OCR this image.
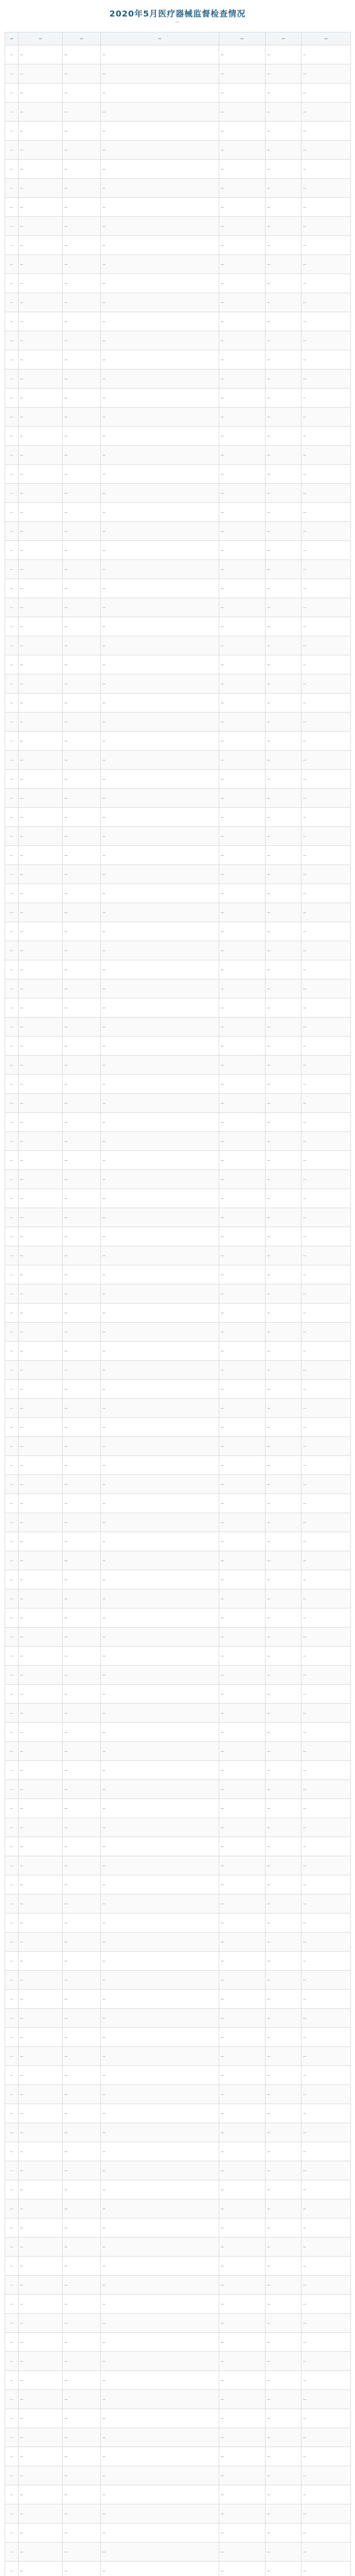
2020年5月医疗器械监督检查情况
—
—	—	—	—	—	—	—
—	—	—	—	—	—	—
—	—	—	—	—	—	—
—	—	—	—	—	—	—
—	—	—	—	—	—	—
—	—	—	—	—	—	—
—	—	—	—	—	—	—
—	—	—	—	—	—	—
—	—	—	—	—	—	—
—	—	—	—	—	—	—
—	—	—	—	—	—	—
—	—	—	—	—	—	—
—	—	—	—	—	—	—
—	—	—	—	—	—	—
—	—	—	—	—	—	—
—	—	—	—	—	—	—
—	—	—	—	—	—	—
—	—	—	—	—	—	—
—	—	—	—	—	—	—
—	—	—	—	—	—	—
—	—	—	—	—	—	—
—	—	—	—	—	—	—
—	—	—	—	—	—	—
—	—	—	—	—	—	—
—	—	—	—	—	—	—
—	—	—	—	—	—	—
—	—	—	—	—	—	—
—	—	—	—	—	—	—
—	—	—	—	—	—	—
—	—	—	—	—	—	—
—	—	—	—	—	—	—
—	—	—	—	—	—	—
—	—	—	—	—	—	—
—	—	—	—	—	—	—
—	—	—	—	—	—	—
—	—	—	—	—	—	—
—	—	—	—	—	—	—
—	—	—	—	—	—	—
—	—	—	—	—	—	—
—	—	—	—	—	—	—
—	—	—	—	—	—	—
—	—	—	—	—	—	—
—	—	—	—	—	—	—
—	—	—	—	—	—	—
—	—	—	—	—	—	—
—	—	—	—	—	—	—
—	—	—	—	—	—	—
—	—	—	—	—	—	—
—	—	—	—	—	—	—
—	—	—	—	—	—	—
—	—	—	—	—	—	—
—	—	—	—	—	—	—
—	—	—	—	—	—	—
—	—	—	—	—	—	—
—	—	—	—	—	—	—
—	—	—	—	—	—	—
—	—	—	—	—	—	—
—	—	—	—	—	—	—
—	—	—	—	—	—	—
—	—	—	—	—	—	—
—	—	—	—	—	—	—
—	—	—	—	—	—	—
—	—	—	—	—	—	—
—	—	—	—	—	—	—
—	—	—	—	—	—	—
—	—	—	—	—	—	—
—	—	—	—	—	—	—
—	—	—	—	—	—	—
—	—	—	—	—	—	—
—	—	—	—	—	—	—
—	—	—	—	—	—	—
—	—	—	—	—	—	—
—	—	—	—	—	—	—
—	—	—	—	—	—	—
—	—	—	—	—	—	—
—	—	—	—	—	—	—
—	—	—	—	—	—	—
—	—	—	—	—	—	—
—	—	—	—	—	—	—
—	—	—	—	—	—	—
—	—	—	—	—	—	—
—	—	—	—	—	—	—
—	—	—	—	—	—	—
—	—	—	—	—	—	—
—	—	—	—	—	—	—
—	—	—	—	—	—	—
—	—	—	—	—	—	—
—	—	—	—	—	—	—
—	—	—	—	—	—	—
—	—	—	—	—	—	—
—	—	—	—	—	—	—
—	—	—	—	—	—	—
—	—	—	—	—	—	—
—	—	—	—	—	—	—
—	—	—	—	—	—	—
—	—	—	—	—	—	—
—	—	—	—	—	—	—
—	—	—	—	—	—	—
—	—	—	—	—	—	—
—	—	—	—	—	—	—
—	—	—	—	—	—	—
—	—	—	—	—	—	—
—	—	—	—	—	—	—
—	—	—	—	—	—	—
—	—	—	—	—	—	—
—	—	—	—	—	—	—
—	—	—	—	—	—	—
—	—	—	—	—	—	—
—	—	—	—	—	—	—
—	—	—	—	—	—	—
—	—	—	—	—	—	—
—	—	—	—	—	—	—
—	—	—	—	—	—	—
—	—	—	—	—	—	—
—	—	—	—	—	—	—
—	—	—	—	—	—	—
—	—	—	—	—	—	—
—	—	—	—	—	—	—
—	—	—	—	—	—	—
—	—	—	—	—	—	—
—	—	—	—	—	—	—
—	—	—	—	—	—	—
—	—	—	—	—	—	—
—	—	—	—	—	—	—
—	—	—	—	—	—	—
—	—	—	—	—	—	—
—	—	—	—	—	—	—
—	—	—	—	—	—	—
—	—	—	—	—	—	—
—	—	—	—	—	—	—
—	—	—	—	—	—	—
—	—	—	—	—	—	—
—	—	—	—	—	—	—
—	—	—	—	—	—	—
